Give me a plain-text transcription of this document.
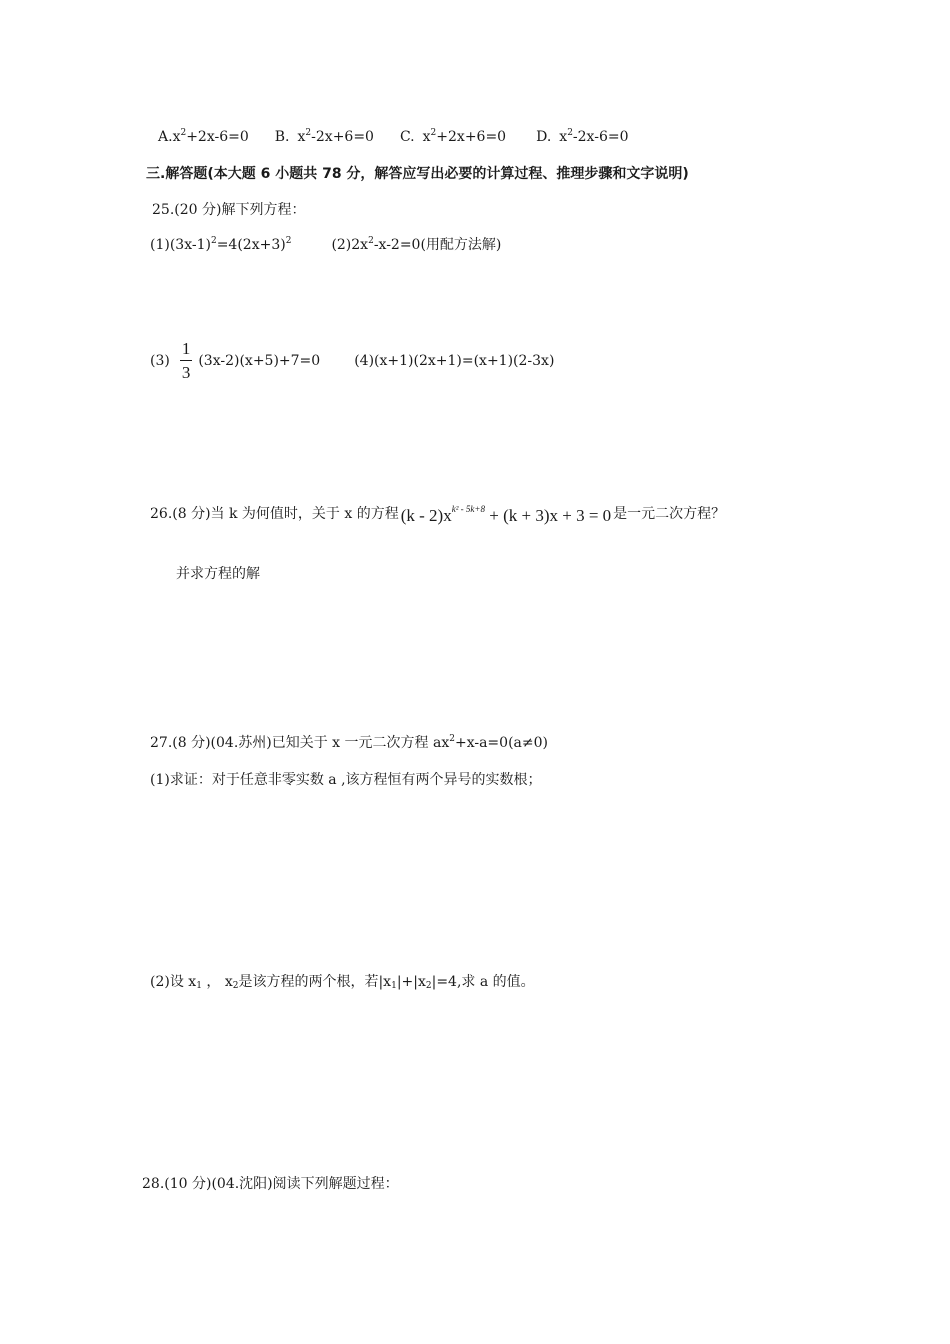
$A.x^2+2x-6=0$ B. $x^2-2x+6=0$ C. $x^2+2x+6=0$ D. $x^2-2x-6=0$
三.解答题(本大题 6 小题共 78 分，解答应写出必要的计算过程、推理步骤和文字说明)
25.(20 分)解下列方程：
$(1)(3x-1)^2=4(2x+3)^2$	$(2)2x^2-x-2=0$(用配方法解)
$(3) \frac{1}{3} (3x-2)(x+5)+7=0$ (4)(x+1)(2x+1)=(x+1)(2-3x)
26.(8 分)当 k 为何值时，关于 x 的方程 $(k - 2)x^{k^2 - 5k+8} + (k + 3)x + 3 = 0$ 是一元二次方程？
并求方程的解
27.(8 分)(04.苏州)已知关于 x 一元二次方程 $ax^2+x-a=0(a\ne 0)$
(1)求证：对于任意非零实数 a ,该方程恒有两个异号的实数根；
(2)设 $x_1$ ， $x_2$是该方程的两个根，若$|x_1|+|x_2|=4$,求 a 的值。
28.(10 分)(04.沈阳)阅读下列解题过程：
